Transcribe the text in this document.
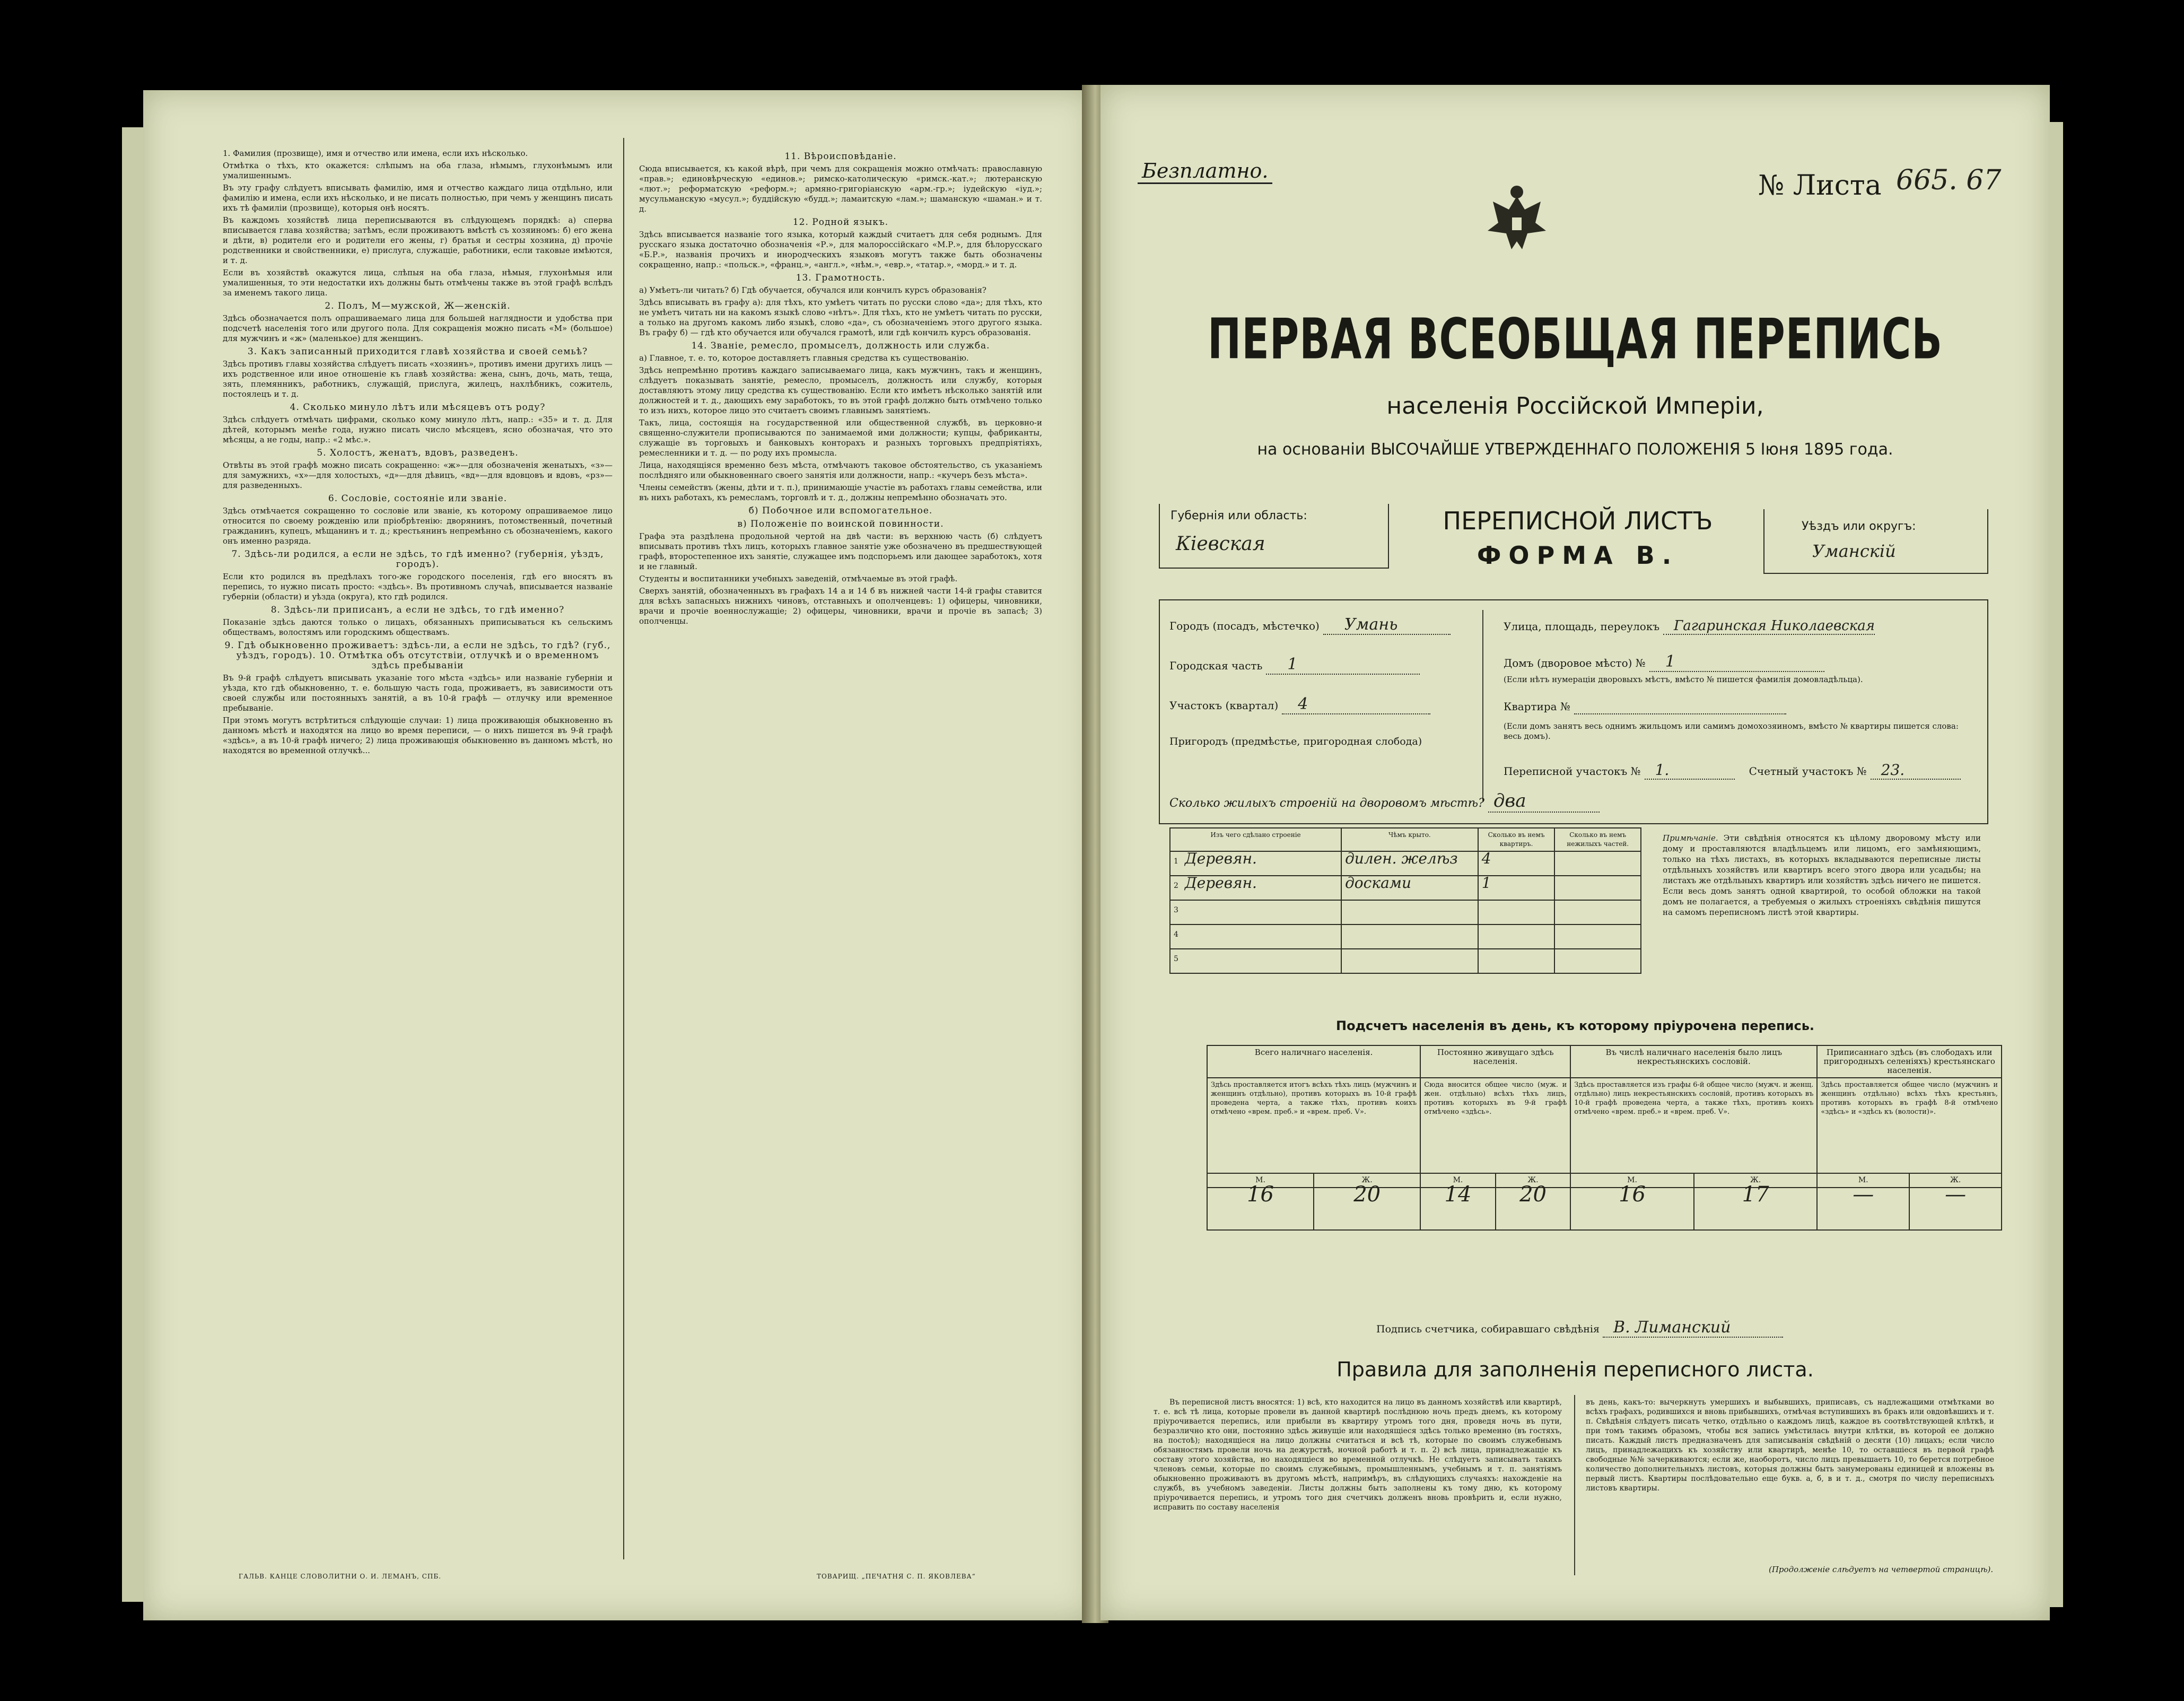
1. Фамилия (прозвище), имя и отчество или имена, если ихъ нѣсколько.

Отмѣтка о тѣхъ, кто окажется: слѣпымъ на оба глаза, нѣмымъ, глухонѣмымъ или умалишеннымъ.

Въ эту графу слѣдуетъ вписывать фамилію, имя и отчество каждаго лица отдѣльно, или фамилію и имена, если ихъ нѣсколько, и не писать полностью, при чемъ у женщинъ писать ихъ тѣ фамиліи (прозвище), которыя онѣ носятъ.

Въ каждомъ хозяйствѣ лица переписываются въ слѣдующемъ порядкѣ: а) сперва вписывается глава хозяйства; затѣмъ, если проживаютъ вмѣстѣ съ хозяиномъ: б) его жена и дѣти, в) родители его и родители его жены, г) братья и сестры хозяина, д) прочіе родственники и свойственники, е) прислуга, служащіе, работники, если таковые имѣются, и т. д.

Если въ хозяйствѣ окажутся лица, слѣпыя на оба глаза, нѣмыя, глухонѣмыя или умалишенныя, то эти недостатки ихъ должны быть отмѣчены также въ этой графѣ вслѣдъ за именемъ такого лица.

2. Полъ, М—мужской, Ж—женскій.

Здѣсь обозначается полъ опрашиваемаго лица для большей наглядности и удобства при подсчетѣ населенія того или другого пола. Для сокращенія можно писать «М» (большое) для мужчинъ и «ж» (маленькое) для женщинъ.

3. Какъ записанный приходится главѣ хозяйства и своей семьѣ?

Здѣсь противъ главы хозяйства слѣдуетъ писать «хозяинъ», противъ имени другихъ лицъ — ихъ родственное или иное отношеніе къ главѣ хозяйства: жена, сынъ, дочь, мать, теща, зять, племянникъ, работникъ, служащій, прислуга, жилецъ, нахлѣбникъ, сожитель, постоялецъ и т. д.

4. Сколько минуло лѣтъ или мѣсяцевъ отъ роду?

Здѣсь слѣдуетъ отмѣчать цифрами, сколько кому минуло лѣтъ, напр.: «35» и т. д. Для дѣтей, которымъ менѣе года, нужно писать число мѣсяцевъ, ясно обозначая, что это мѣсяцы, а не годы, напр.: «2 мѣс.».

5. Холостъ, женатъ, вдовъ, разведенъ.

Отвѣты въ этой графѣ можно писать сокращенно: «ж»—для обозначенія женатыхъ, «з»—для замужнихъ, «х»—для холостыхъ, «д»—для дѣвицъ, «вд»—для вдовцовъ и вдовъ, «рз»—для разведенныхъ.

6. Сословіе, состояніе или званіе.

Здѣсь отмѣчается сокращенно то сословіе или званіе, къ которому опрашиваемое лицо относится по своему рожденію или пріобрѣтенію: дворянинъ, потомственный, почетный гражданинъ, купецъ, мѣщанинъ и т. д.; крестьянинъ непремѣнно съ обозначеніемъ, какого онъ именно разряда.

7. Здѣсь-ли родился, а если не здѣсь, то гдѣ именно? (губернія, уѣздъ, городъ).

Если кто родился въ предѣлахъ того-же городского поселенія, гдѣ его вносятъ въ перепись, то нужно писать просто: «здѣсь». Въ противномъ случаѣ, вписывается названіе губерніи (области) и уѣзда (округа), кто гдѣ родился.

8. Здѣсь-ли приписанъ, а если не здѣсь, то гдѣ именно?

Показаніе здѣсь даются только о лицахъ, обязанныхъ приписываться къ сельскимъ обществамъ, волостямъ или городскимъ обществамъ.

9. Гдѣ обыкновенно проживаетъ: здѣсь-ли, а если не здѣсь, то гдѣ? (губ., уѣздъ, городъ). 10. Отмѣтка объ отсутствіи, отлучкѣ и о временномъ здѣсь пребываніи

Въ 9-й графѣ слѣдуетъ вписывать указаніе того мѣста «здѣсь» или названіе губерніи и уѣзда, кто гдѣ обыкновенно, т. е. большую часть года, проживаетъ, въ зависимости отъ своей службы или постоянныхъ занятій, а въ 10-й графѣ — отлучку или временное пребываніе.

При этомъ могутъ встрѣтиться слѣдующіе случаи: 1) лица проживающія обыкновенно въ данномъ мѣстѣ и находятся на лицо во время переписи, — о нихъ пишется въ 9-й графѣ «здѣсь», а въ 10-й графѣ ничего; 2) лица проживающія обыкновенно въ данномъ мѣстѣ, но находятся во временной отлучкѣ...

11. Вѣроисповѣданіе.

Сюда вписывается, къ какой вѣрѣ, при чемъ для сокращенія можно отмѣчать: православную «прав.»; единовѣрческую «единов.»; римско-католическую «римск.-кат.»; лютеранскую «лют.»; реформатскую «реформ.»; армяно-григоріанскую «арм.-гр.»; іудейскую «іуд.»; мусульманскую «мусул.»; буддійскую «будд.»; ламаитскую «лам.»; шаманскую «шаман.» и т. д.

12. Родной языкъ.

Здѣсь вписывается названіе того языка, который каждый считаетъ для себя роднымъ. Для русскаго языка достаточно обозначенія «Р.», для малороссійскаго «М.Р.», для бѣлорусскаго «Б.Р.», названія прочихъ и инородческихъ языковъ могутъ также быть обозначены сокращенно, напр.: «польск.», «франц.», «англ.», «нѣм.», «евр.», «татар.», «морд.» и т. д.

13. Грамотность.

а) Умѣетъ-ли читать? б) Гдѣ обучается, обучался или кончилъ курсъ образованія?

Здѣсь вписывать въ графу а): для тѣхъ, кто умѣетъ читать по русски слово «да»; для тѣхъ, кто не умѣетъ читать ни на какомъ языкѣ слово «нѣтъ». Для тѣхъ, кто не умѣетъ читать по русски, а только на другомъ какомъ либо языкѣ, слово «да», съ обозначеніемъ этого другого языка. Въ графу б) — гдѣ кто обучается или обучался грамотѣ, или гдѣ кончилъ курсъ образованія.

14. Званіе, ремесло, промыселъ, должность или служба.

а) Главное, т. е. то, которое доставляетъ главныя средства къ существованію.

Здѣсь непремѣнно противъ каждаго записываемаго лица, какъ мужчинъ, такъ и женщинъ, слѣдуетъ показывать занятіе, ремесло, промыселъ, должность или службу, которыя доставляютъ этому лицу средства къ существованію. Если кто имѣетъ нѣсколько занятій или должностей и т. д., дающихъ ему заработокъ, то въ этой графѣ должно быть отмѣчено только то изъ нихъ, которое лицо это считаетъ своимъ главнымъ занятіемъ.

Такъ, лица, состоящія на государственной или общественной службѣ, въ церковно-и священно-служители прописываются по занимаемой ими должности; купцы, фабриканты, служащіе въ торговыхъ и банковыхъ конторахъ и разныхъ торговыхъ предпріятіяхъ, ремесленники и т. д. — по роду ихъ промысла.

Лица, находящіяся временно безъ мѣста, отмѣчаютъ таковое обстоятельство, съ указаніемъ послѣдняго или обыкновеннаго своего занятія или должности, напр.: «кучеръ безъ мѣста».

Члены семействъ (жены, дѣти и т. п.), принимающіе участіе въ работахъ главы семейства, или въ нихъ работахъ, къ ремесламъ, торговлѣ и т. д., должны непремѣнно обозначать это.

б) Побочное или вспомогательное.
в) Положеніе по воинской повинности.

Графа эта раздѣлена продольной чертой на двѣ части: въ верхнюю часть (б) слѣдуетъ вписывать противъ тѣхъ лицъ, которыхъ главное занятіе уже обозначено въ предшествующей графѣ, второстепенное ихъ занятіе, служащее имъ подспорьемъ или дающее заработокъ, хотя и не главный.

Студенты и воспитанники учебныхъ заведеній, отмѣчаемые въ этой графѣ.

Сверхъ занятій, обозначенныхъ въ графахъ 14 а и 14 б въ нижней части 14-й графы ставится для всѣхъ запасныхъ нижнихъ чиновъ, отставныхъ и ополченцевъ: 1) офицеры, чиновники, врачи и прочіе военнослужащіе; 2) офицеры, чиновники, врачи и прочіе въ запасѣ; 3) ополченцы.

ГАЛЬВ. КАНЦЕ СЛОВОЛИТНИ О. И. ЛЕМАНЪ, СПБ.	ТОВАРИЩ. „ПЕЧАТНЯ С. П. ЯКОВЛЕВА“
Безплатно.	№ Листа 665. 67
ПЕРВАЯ ВСЕОБЩАЯ ПЕРЕПИСЬ
населенія Россійской Имперіи,
на основаніи ВЫСОЧАЙШЕ УТВЕРЖДЕННАГО ПОЛОЖЕНІЯ 5 Іюня 1895 года.
Губернія или область:
Кіевская
ПЕРЕПИСНОЙ ЛИСТЪ
ФОРМА В.
Уѣздъ или округъ:
Уманскій
Городъ (посадъ, мѣстечко) Умань
Городская часть 1
Участокъ (квартал) 4
Пригородъ (предмѣстье, пригородная слобода)
Улица, площадь, переулокъ Гагаринская Николаевская
Домъ (дворовое мѣсто) № 1
(Если нѣтъ нумераціи дворовыхъ мѣстъ, вмѣсто № пишется фамилія домовладѣльца).
Квартира №
(Если домъ занятъ весь однимъ жильцомъ или самимъ домохозяиномъ, вмѣсто № квартиры пишется слова: весь домъ).
Переписной участокъ № 1.	Счетный участокъ № 23.
Сколько жилыхъ строеній на дворовомъ мѣстѣ? два
Изъ чего сдѣлано строеніе	Чѣмъ крыто.	Сколько въ немъ квартиръ.	Сколько въ немъ нежилыхъ частей.
1 Деревян.	дилен. желѣз	4	
2 Деревян.	досками	1	
3			
4			
5			
Примѣчаніе. Эти свѣдѣнія относятся къ цѣлому дворовому мѣсту или дому и проставляются владѣльцемъ или лицомъ, его замѣняющимъ, только на тѣхъ листахъ, въ которыхъ вкладываются переписные листы отдѣльныхъ хозяйствъ или квартиръ всего этого двора или усадьбы; на листахъ же отдѣльныхъ квартиръ или хозяйствъ здѣсь ничего не пишется. Если весь домъ занятъ одной квартирой, то особой обложки на такой домъ не полагается, а требуемыя о жилыхъ строеніяхъ свѣдѣнія пишутся на самомъ переписномъ листѣ этой квартиры.
Подсчетъ населенія въ день, къ которому пріурочена перепись.
Всего наличнаго населенія.		Постоянно живущаго здѣсь населенія.		Въ числѣ наличнаго населенія было лицъ некрестьянскихъ сословій.		Приписаннаго здѣсь (въ слободахъ или пригородныхъ селеніяхъ) крестьянскаго населенія.	
Здѣсь проставляется итогъ всѣхъ тѣхъ лицъ (мужчинъ и женщинъ отдѣльно), противъ которыхъ въ 10-й графѣ проведена черта, а также тѣхъ, противъ коихъ отмѣчено «врем. преб.» и «врем. преб. V».		Сюда вносится общее число (муж. и жен. отдѣльно) всѣхъ тѣхъ лицъ, противъ которыхъ въ 9-й графѣ отмѣчено «здѣсь».		Здѣсь проставляется изъ графы 6-й общее число (мужч. и женщ. отдѣльно) лицъ некрестьянскихъ сословій, противъ которыхъ въ 10-й графѣ проведена черта, а также тѣхъ, противъ коихъ отмѣчено «врем. преб.» и «врем. преб. V».		Здѣсь проставляется общее число (мужчинъ и женщинъ отдѣльно) всѣхъ тѣхъ крестьянъ, противъ которыхъ въ графѣ 8-й отмѣчено «здѣсь» и «здѣсь къ (волости)».	
М.	Ж.	М.	Ж.	М.	Ж.	М.	Ж.
16	20	14	20	16	17	—	—
Подпись счетчика, собиравшаго свѣдѣнія В. Лиманский
Правила для заполненія переписного листа.
Въ переписной листъ вносятся: 1) всѣ, кто находится на лицо въ данномъ хозяйствѣ или квартирѣ, т. е. всѣ тѣ лица, которые провели въ данной квартирѣ послѣднюю ночь предъ днемъ, къ которому пріурочивается перепись, или прибыли въ квартиру утромъ того дня, проведя ночь въ пути, безразлично кто они, постоянно здѣсь живущіе или находящіеся здѣсь только временно (въ гостяхъ, на постоѣ); находящіеся на лицо должны считаться и всѣ тѣ, которые по своимъ служебнымъ обязанностямъ провели ночь на дежурствѣ, ночной работѣ и т. п. 2) всѣ лица, принадлежащіе къ составу этого хозяйства, но находящіеся во временной отлучкѣ. Не слѣдуетъ записывать такихъ членовъ семьи, которые по своимъ служебнымъ, промышленнымъ, учебнымъ и т. п. занятіямъ обыкновенно проживаютъ въ другомъ мѣстѣ, напримѣръ, въ слѣдующихъ случаяхъ: нахожденіе на службѣ, въ учебномъ заведеніи. Листы должны быть заполнены къ тому дню, къ которому пріурочивается перепись, и утромъ того дня счетчикъ долженъ вновь провѣрить и, если нужно, исправить по составу населенія
въ день, какъ-то: вычеркнуть умершихъ и выбывшихъ, приписавъ, съ надлежащими отмѣтками во всѣхъ графахъ, родившихся и вновь прибывшихъ, отмѣчая вступившихъ въ бракъ или овдовѣвшихъ и т. п. Свѣдѣнія слѣдуетъ писать четко, отдѣльно о каждомъ лицѣ, каждое въ соотвѣтствующей клѣткѣ, и при томъ такимъ образомъ, чтобы вся запись умѣстилась внутри клѣтки, въ которой ее должно писать. Каждый листъ предназначенъ для записыванія свѣдѣній о десяти (10) лицахъ; если число лицъ, принадлежащихъ къ хозяйству или квартирѣ, менѣе 10, то оставшіеся въ первой графѣ свободные №№ зачеркиваются; если же, наоборотъ, число лицъ превышаетъ 10, то берется потребное количество дополнительныхъ листовъ, которыя должны быть занумерованы единицей и вложены въ первый листъ. Квартиры послѣдовательно еще букв. а, б, в и т. д., смотря по числу переписныхъ листовъ квартиры.
(Продолженіе слѣдуетъ на четвертой страницѣ).
